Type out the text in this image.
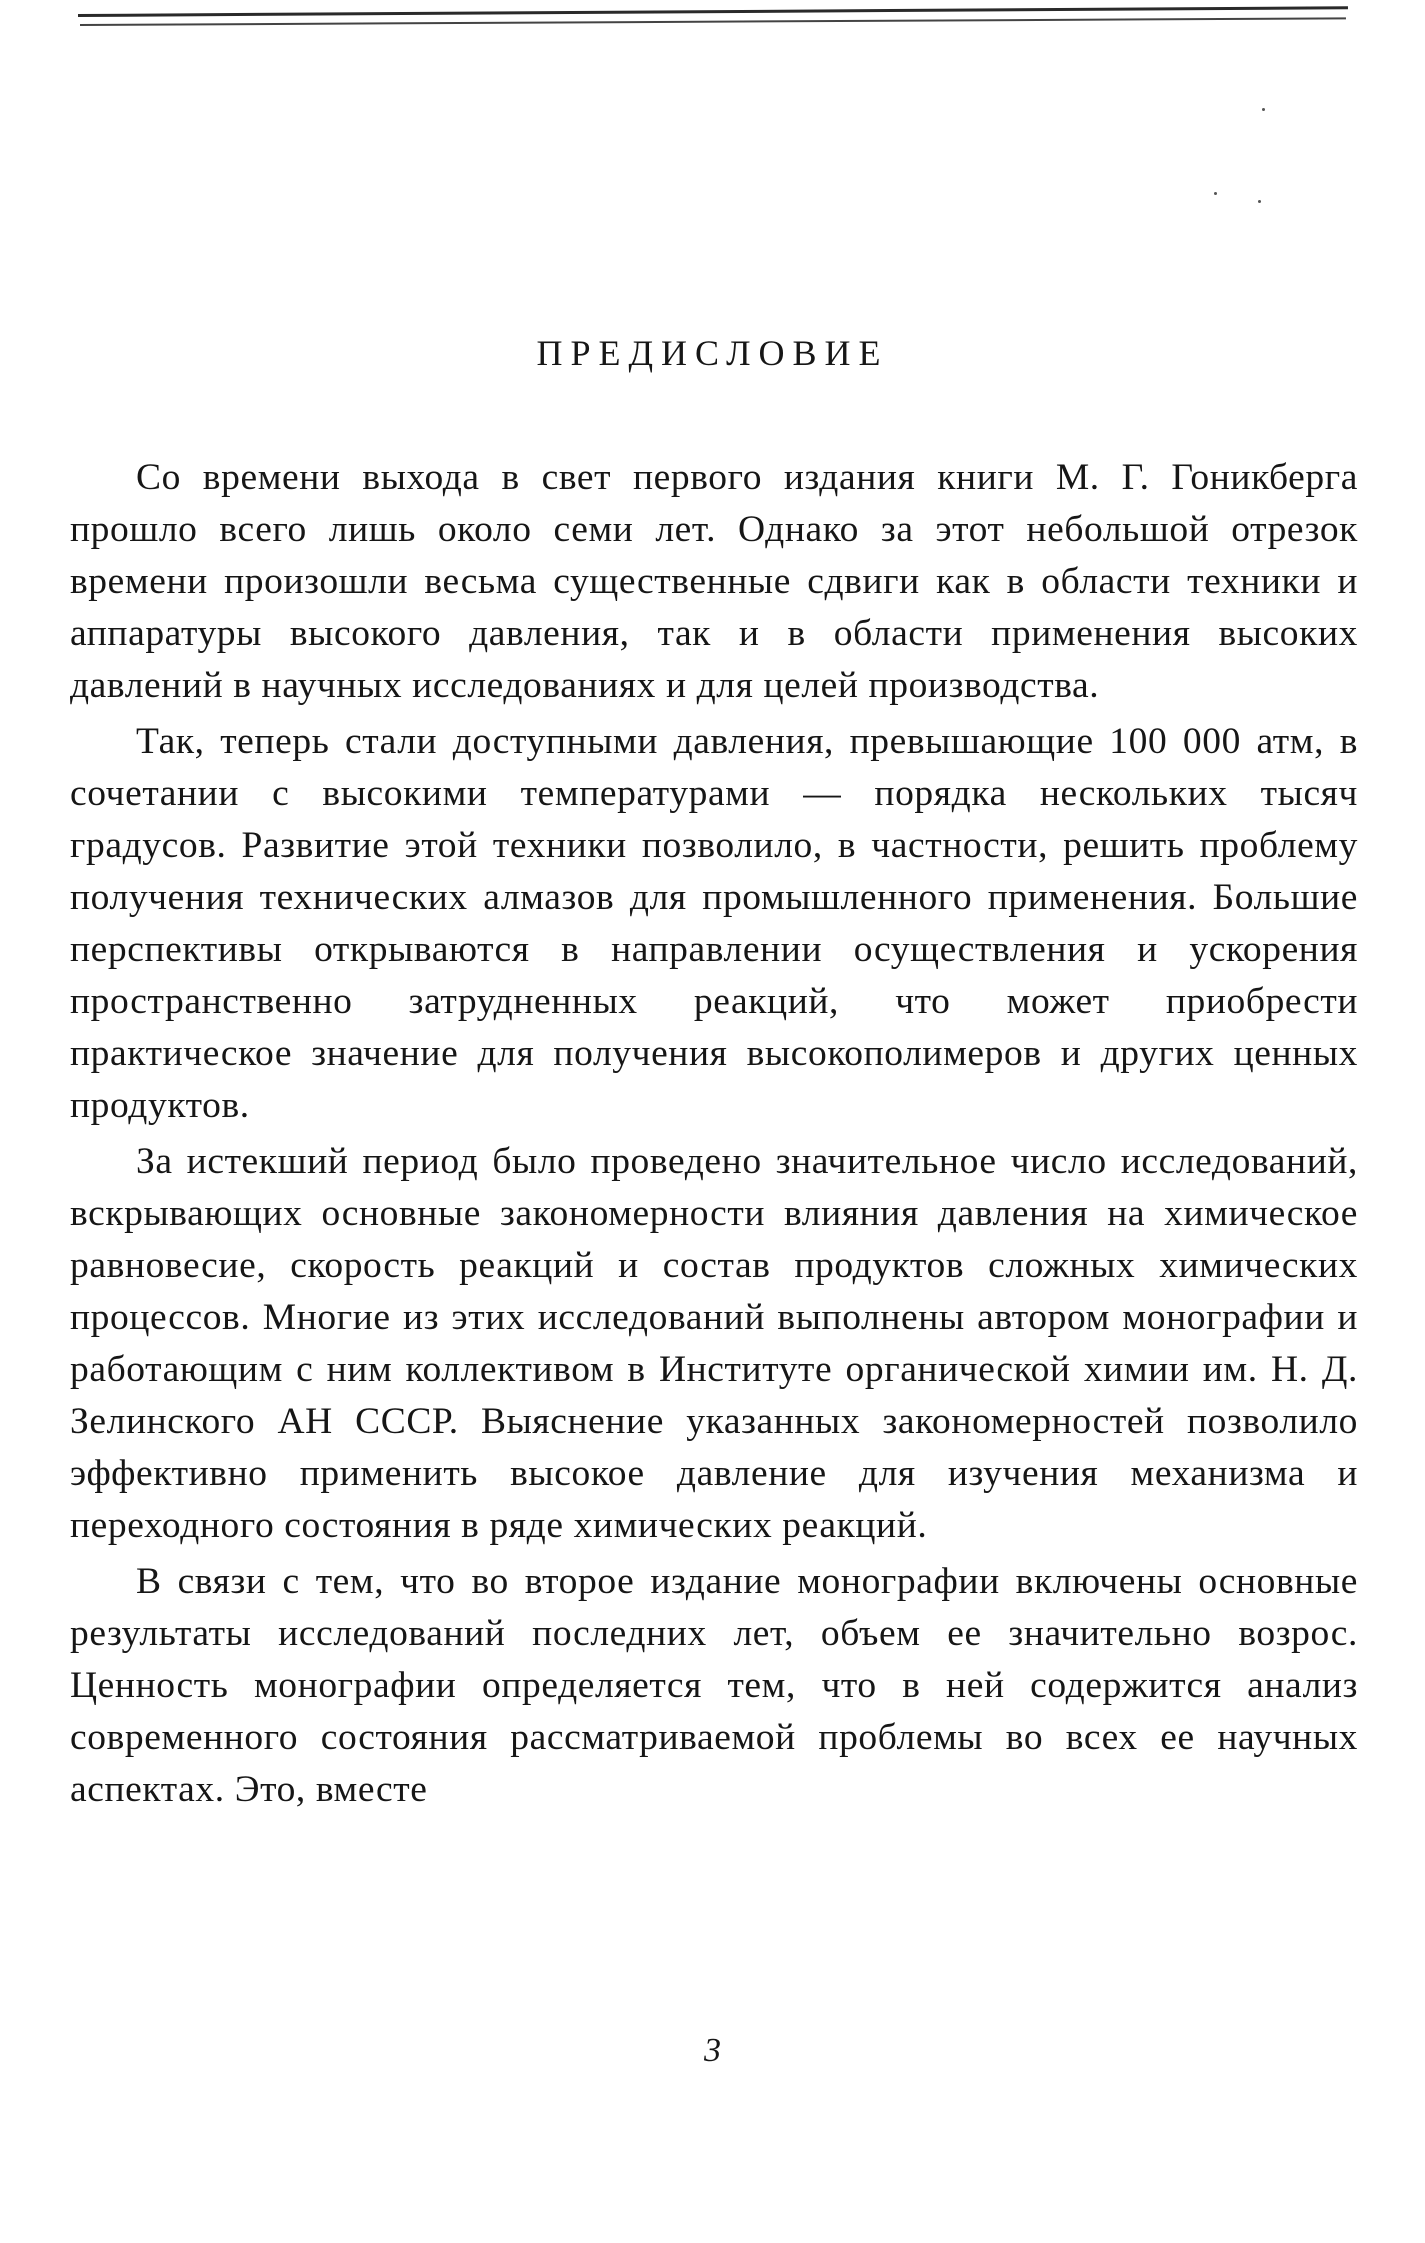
ПРЕДИСЛОВИЕ

Со времени выхода в свет первого издания книги М. Г. Гоникберга прошло всего лишь около семи лет. Однако за этот небольшой отрезок времени произошли весьма существенные сдвиги как в области техники и аппаратуры высокого давления, так и в области применения высоких давлений в научных исследованиях и для целей производства.

Так, теперь стали доступными давления, превышающие 100 000 атм, в сочетании с высокими температурами — порядка нескольких тысяч градусов. Развитие этой техники позволило, в частности, решить проблему получения технических алмазов для промышленного применения. Большие перспективы открываются в направлении осуществления и ускорения пространственно затрудненных реакций, что может приобрести практическое значение для получения высокополимеров и других ценных продуктов.

За истекший период было проведено значительное число исследований, вскрывающих основные закономерности влияния давления на химическое равновесие, скорость реакций и состав продуктов сложных химических процессов. Многие из этих исследований выполнены автором монографии и работающим с ним коллективом в Институте органической химии им. Н. Д. Зелинского АН СССР. Выяснение указанных закономерностей позволило эффективно применить высокое давление для изучения механизма и переходного состояния в ряде химических реакций.

В связи с тем, что во второе издание монографии включены основные результаты исследований последних лет, объем ее значительно возрос. Ценность монографии определяется тем, что в ней содержится анализ современного состояния рассматриваемой проблемы во всех ее научных аспектах. Это, вместе

3
